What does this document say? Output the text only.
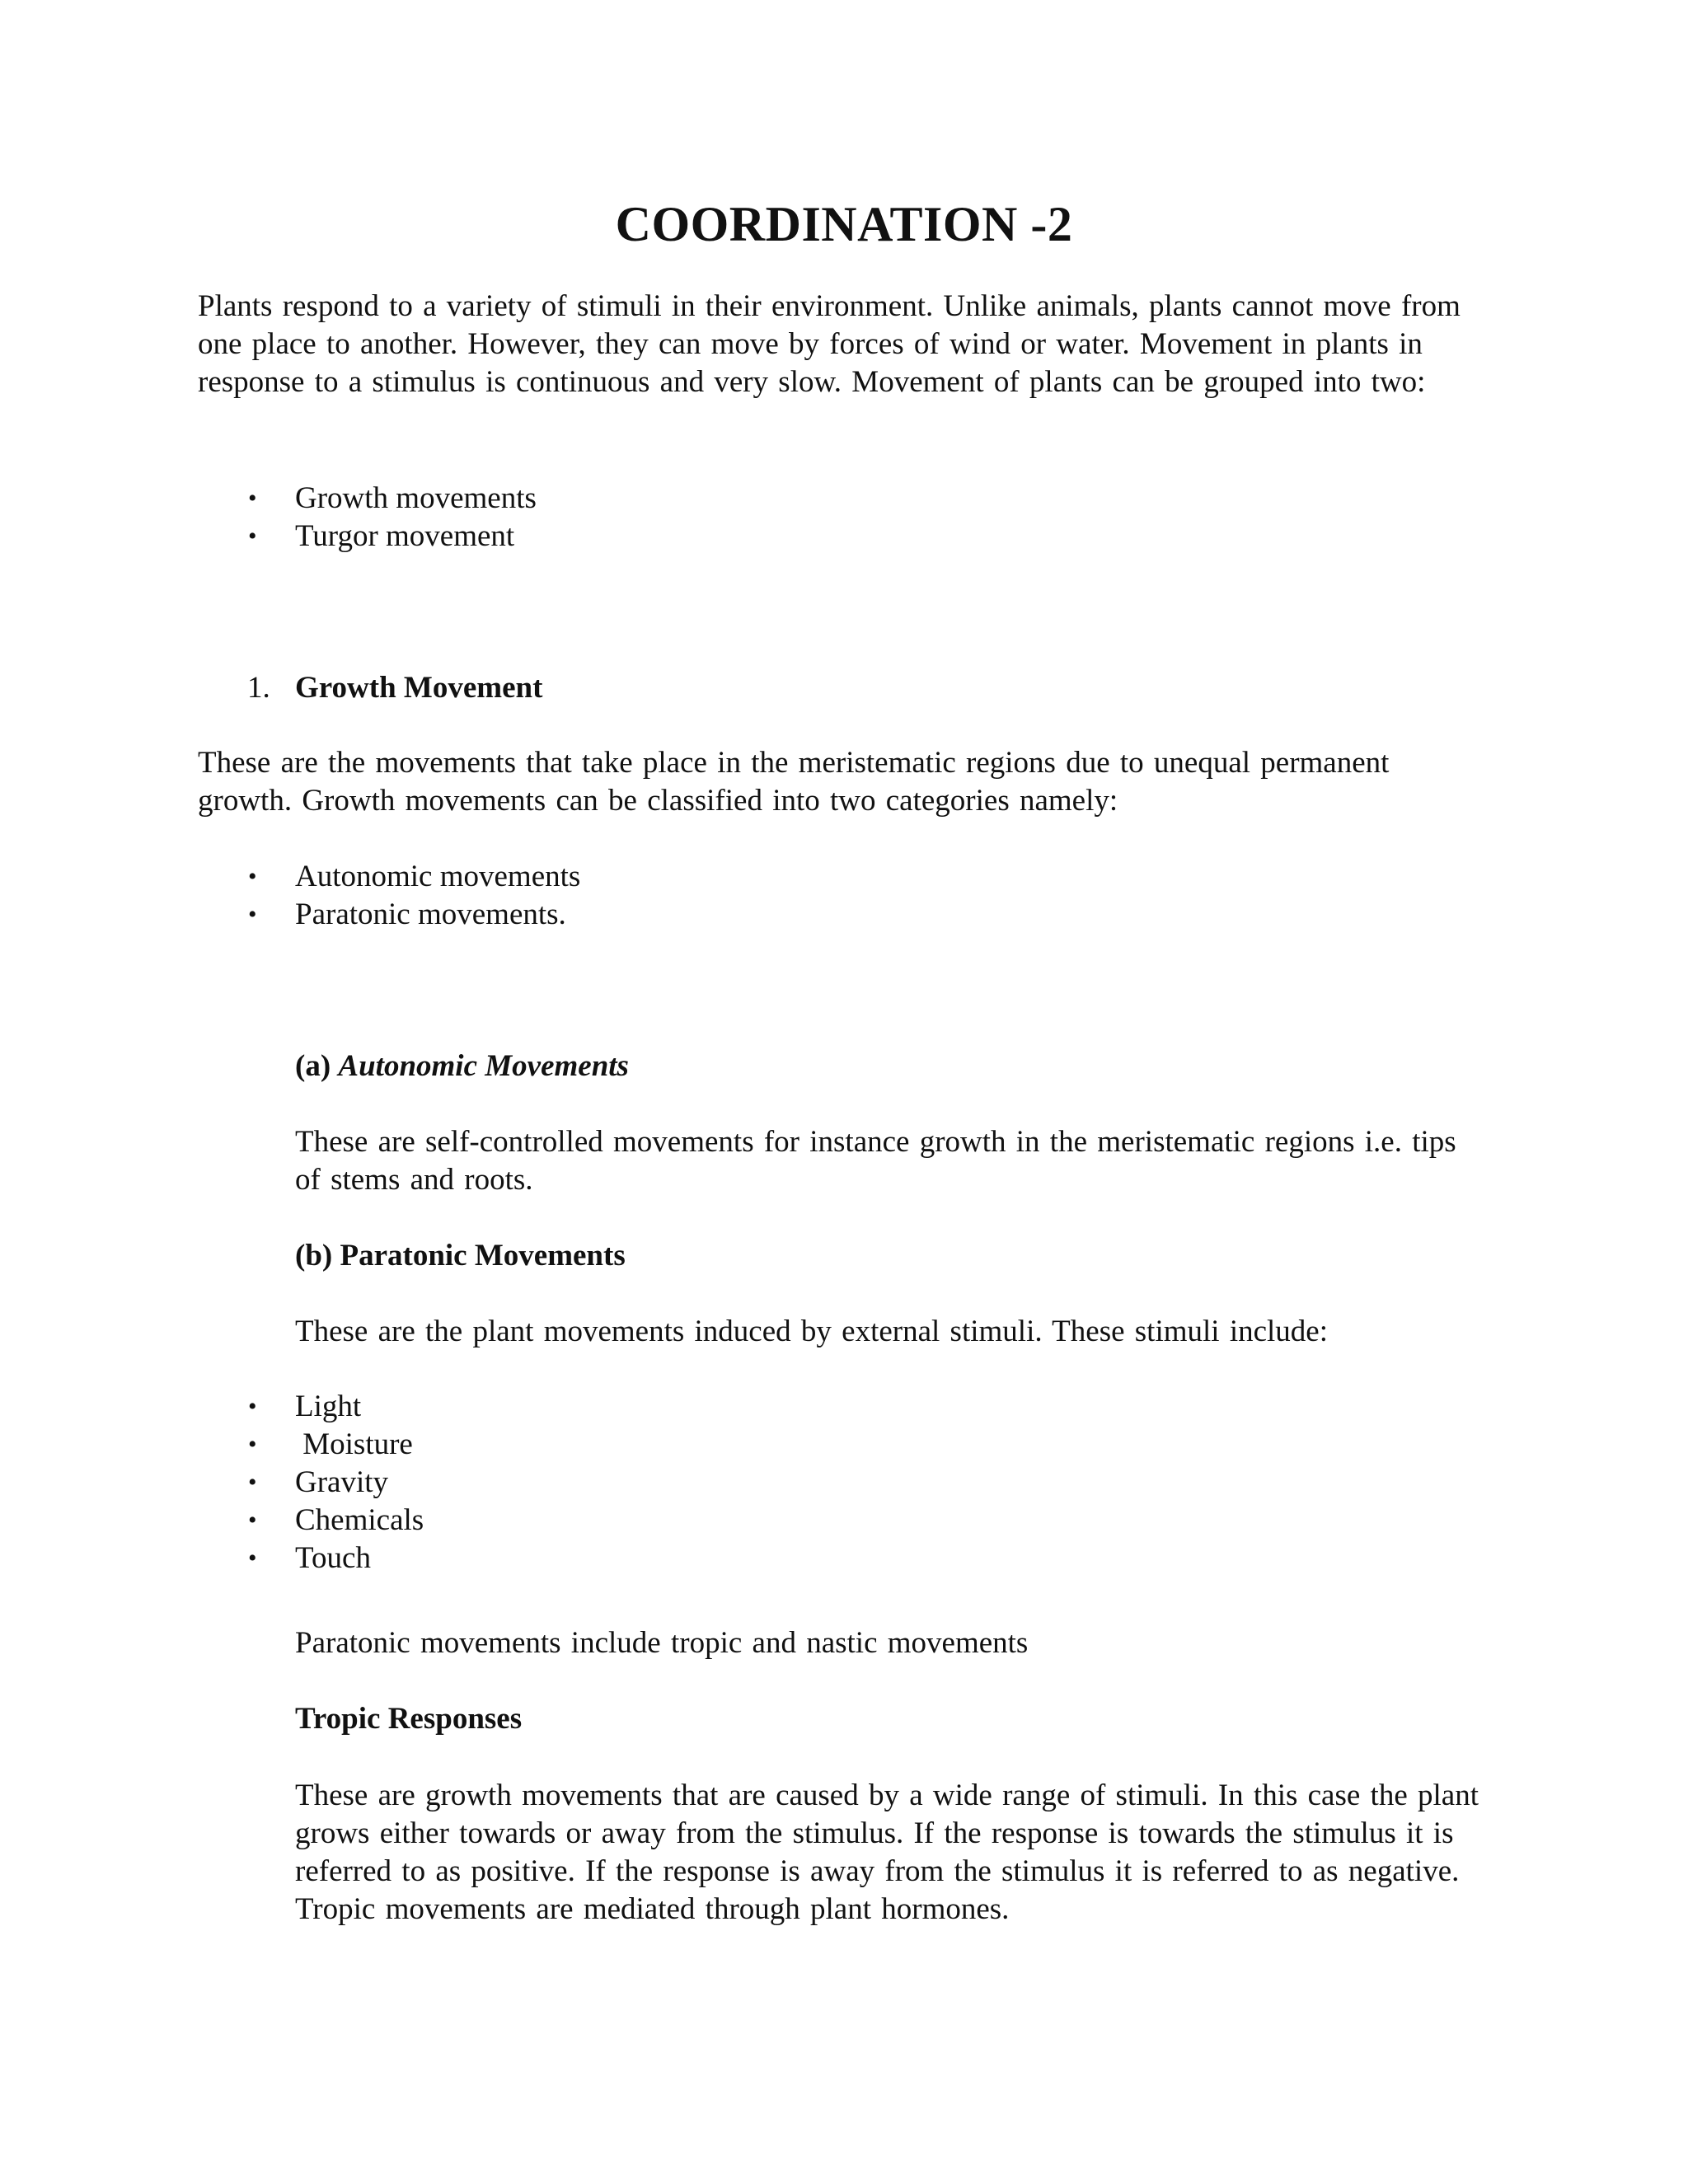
COORDINATION -2
Plants respond to a variety of stimuli in their environment. Unlike animals, plants cannot move from one place to another. However, they can move by forces of wind or water. Movement in plants in response to a stimulus is continuous and very slow. Movement of plants can be grouped into two:
• Growth movements
• Turgor movement
1. Growth Movement
These are the movements that take place in the meristematic regions due to unequal permanent growth. Growth movements can be classified into two categories namely:
• Autonomic movements
• Paratonic movements.
(a) Autonomic Movements
These are self-controlled movements for instance growth in the meristematic regions i.e. tips of stems and roots.
(b) Paratonic Movements
These are the plant movements induced by external stimuli. These stimuli include:
• Light
•  Moisture
• Gravity
• Chemicals
• Touch
Paratonic movements include tropic and nastic movements
Tropic Responses
These are growth movements that are caused by a wide range of stimuli. In this case the plant grows either towards or away from the stimulus. If the response is towards the stimulus it is referred to as positive. If the response is away from the stimulus it is referred to as negative. Tropic movements are mediated through plant hormones.
